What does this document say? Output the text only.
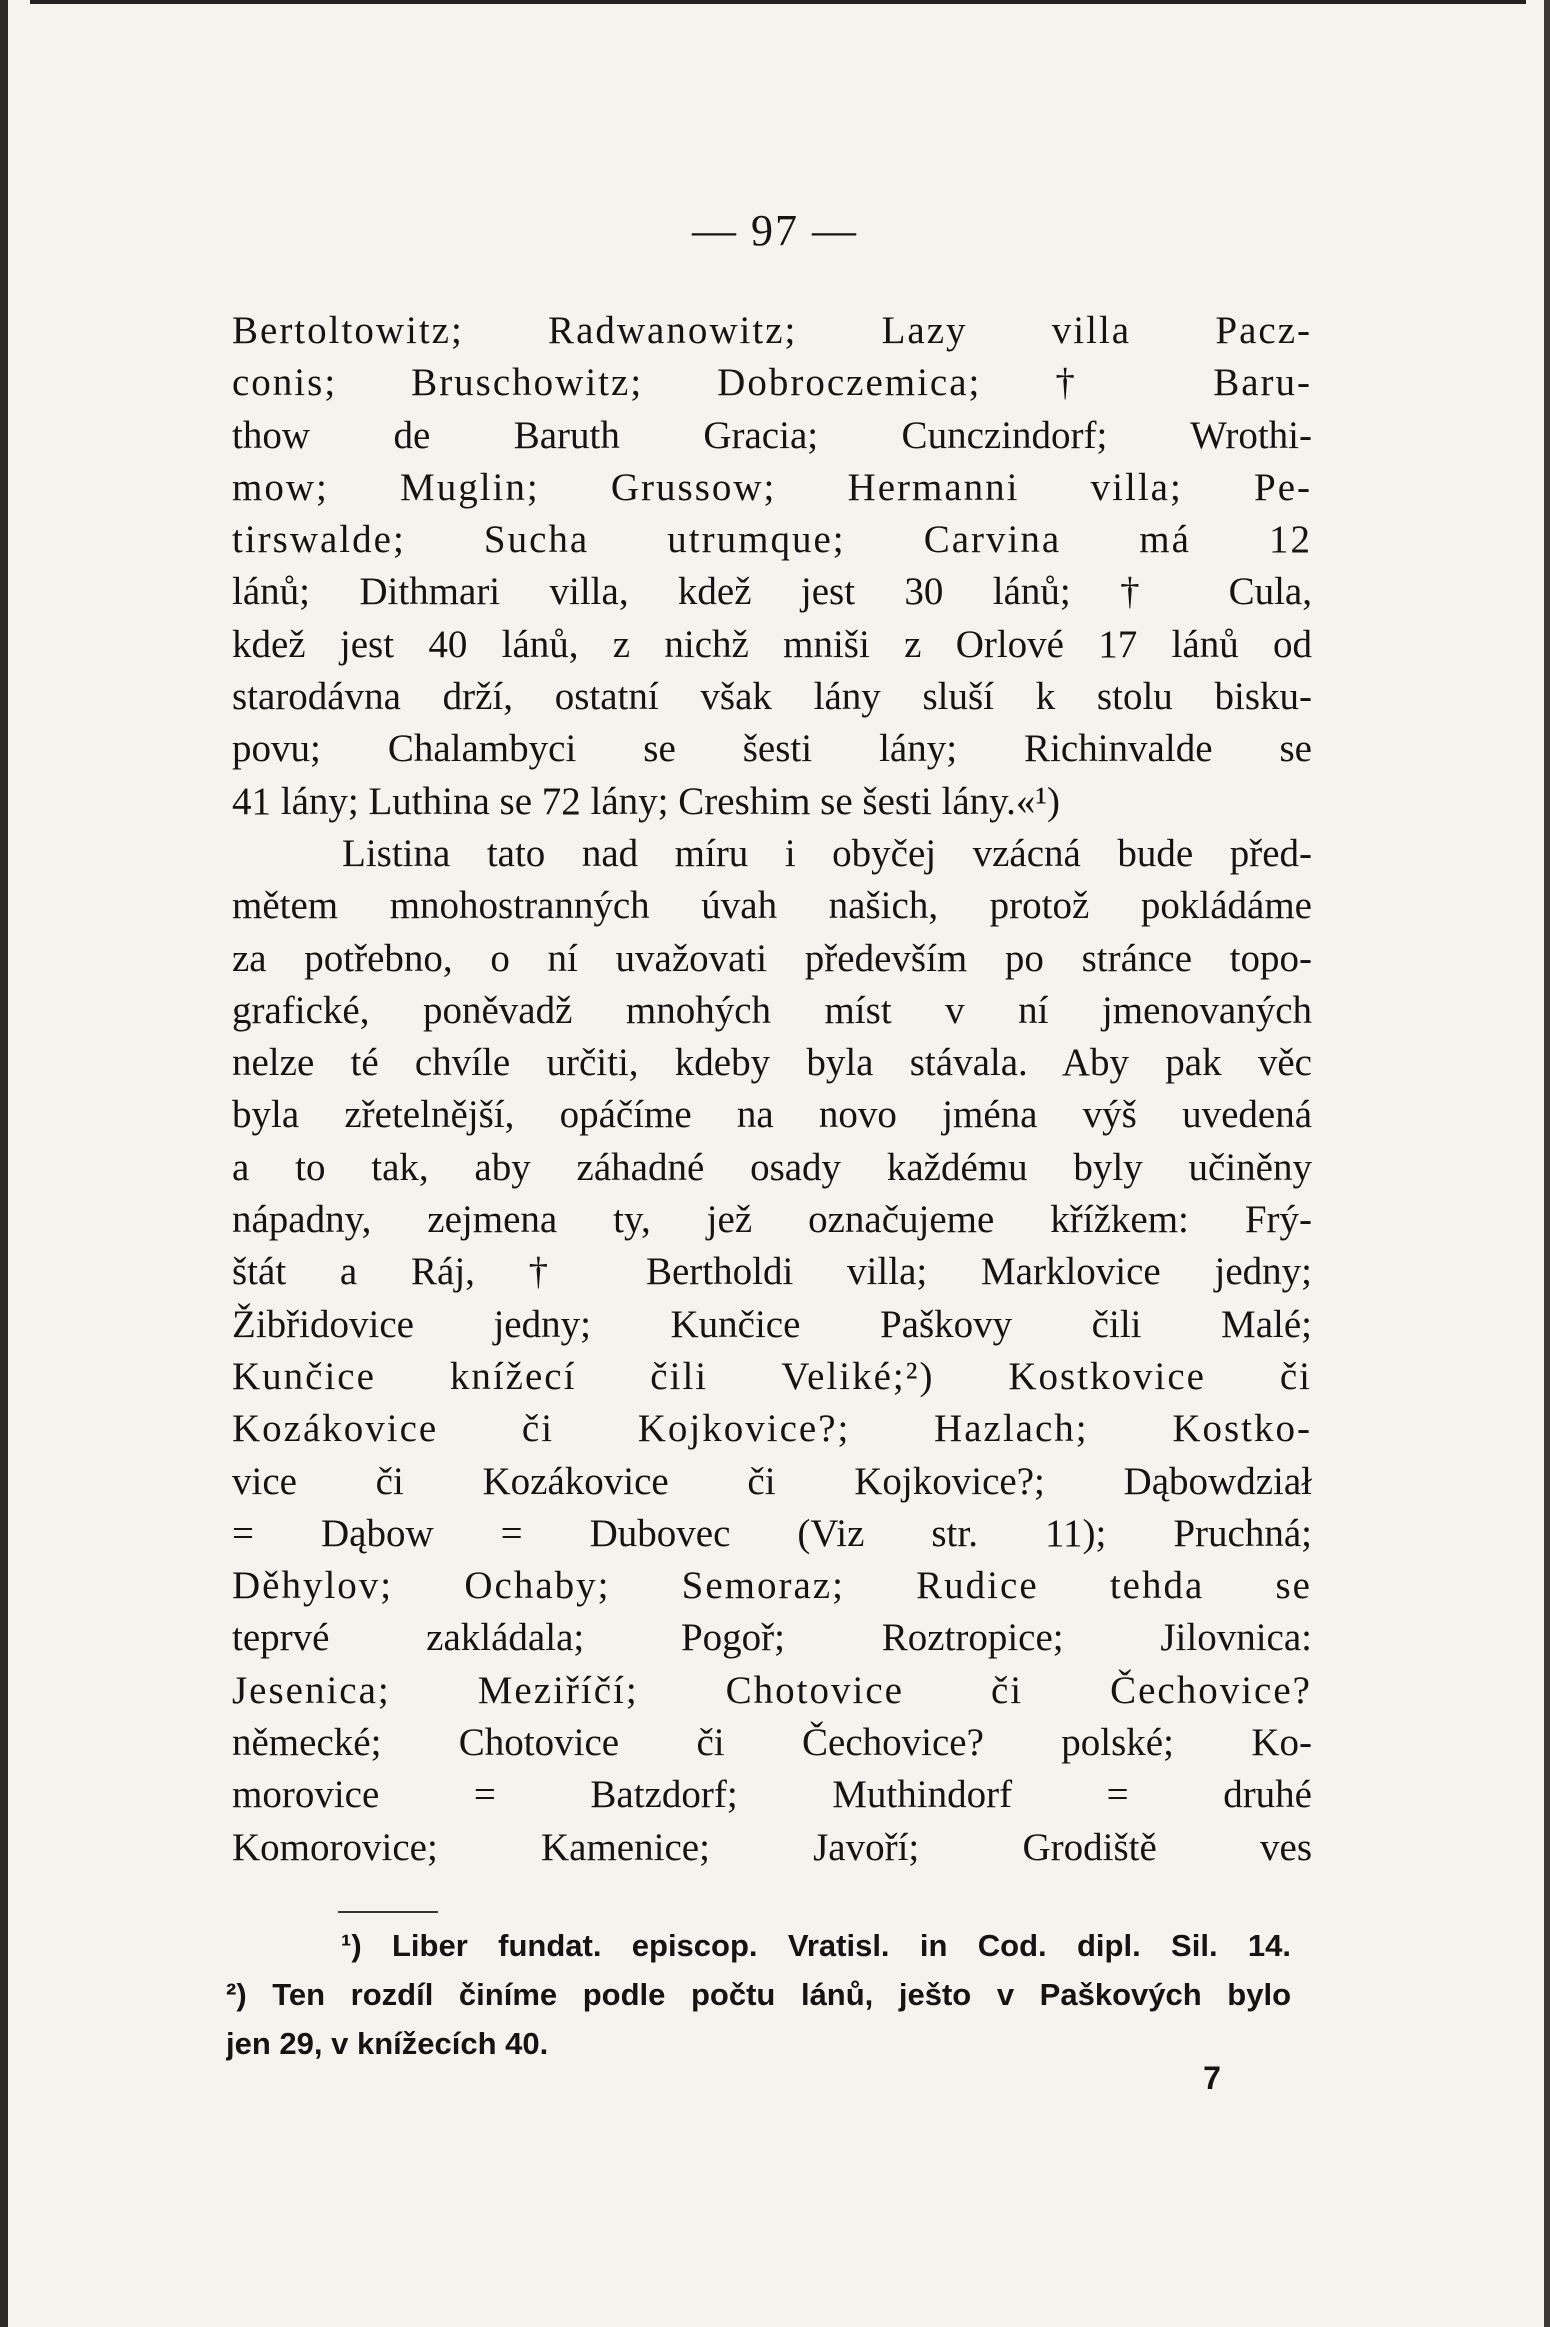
— 97 —
Bertoltowitz; Radwanowitz; Lazy villa Pacz-
conis; Bruschowitz; Dobroczemica; † Baru-
thow de Baruth Gracia; Cunczindorf; Wrothi-
mow; Muglin; Grussow; Hermanni villa; Pe-
tirswalde; Sucha utrumque; Carvina má 12
lánů; Dithmari villa, kdež jest 30 lánů; † Cula,
kdež jest 40 lánů, z nichž mniši z Orlové 17 lánů od
starodávna drží, ostatní však lány sluší k stolu bisku-
povu; Chalambyci se šesti lány; Richinvalde se
41 lány; Luthina se 72 lány; Creshim se šesti lány.«¹)
Listina tato nad míru i obyčej vzácná bude před-
mětem mnohostranných úvah našich, protož pokládáme
za potřebno, o ní uvažovati především po stránce topo-
grafické, poněvadž mnohých míst v ní jmenovaných
nelze té chvíle určiti, kdeby byla stávala. Aby pak věc
byla zřetelnější, opáčíme na novo jména výš uvedená
a to tak, aby záhadné osady každému byly učiněny
nápadny, zejmena ty, jež označujeme křížkem: Frý-
štát a Ráj, † Bertholdi villa; Marklovice jedny;
Žibřidovice jedny; Kunčice Paškovy čili Malé;
Kunčice knížecí čili Veliké;²) Kostkovice či
Kozákovice či Kojkovice?; Hazlach; Kostko-
vice či Kozákovice či Kojkovice?; Dąbowdział
= Dąbow = Dubovec (Viz str. 11); Pruchná;
Děhylov; Ochaby; Semoraz; Rudice tehda se
teprvé zakládala; Pogoř; Roztropice; Jilovnica:
Jesenica; Meziříčí; Chotovice či Čechovice?
německé; Chotovice či Čechovice? polské; Ko-
morovice = Batzdorf; Muthindorf = druhé
Komorovice; Kamenice; Javoří; Grodiště ves
¹) Liber fundat. episcop. Vratisl. in Cod. dipl. Sil. 14.
²) Ten rozdíl činíme podle počtu lánů, ješto v Paškových bylo
jen 29, v knížecích 40.
7
